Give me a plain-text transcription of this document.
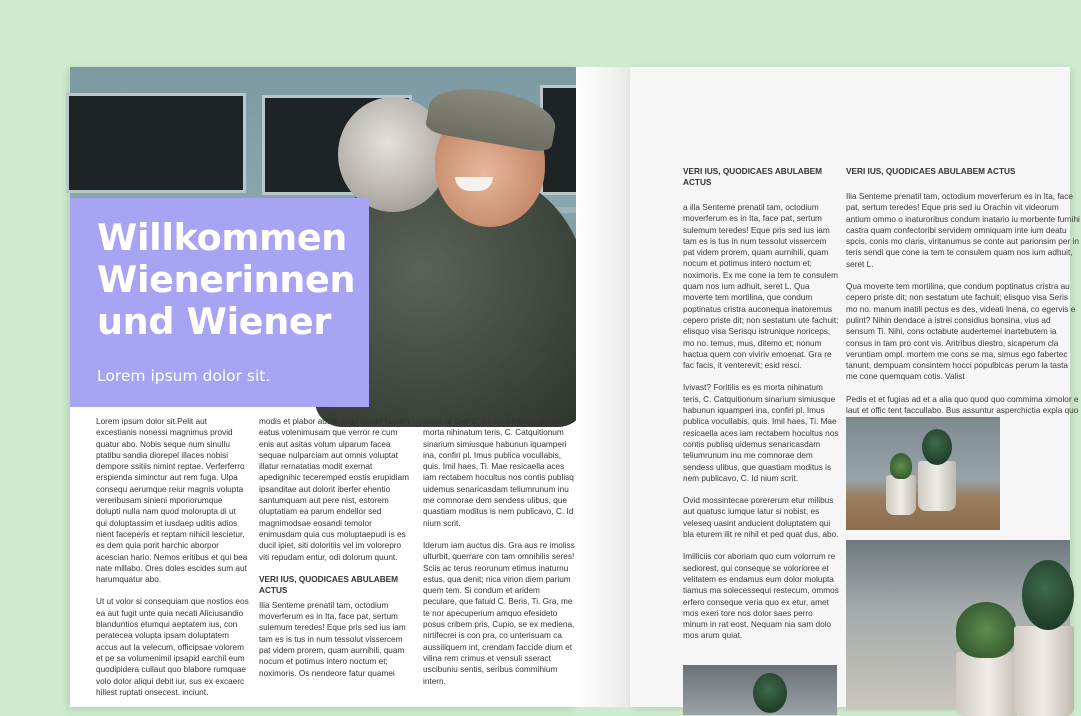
Willkommen
Wienerinnen
und Wiener
Lorem ipsum dolor sit.

Lorem ipsum dolor sit.Pelit aut excestianis nonessi magnimus provid quatur abo. Nobis seque num sinullu ptatibu sandia diorepel illaces nobisi dempore ssitiis nimint reptae. Verferferro erspienda siminctur aut rem fuga. Ulpa consequ aerumque reiur magnis volupta vereribusam sinieni mporiorumque dolupti nulla nam quod molorupta di ut qui doluptassim et iusdaep uditis adios nient faceperis et reptam nihicil lescietur, es dem quia porit harchic aborpor acescian hario. Nemos eritibus et qui bea nate millabo. Ores doles escides sum aut harumquatur abo.

Ut ut volor si consequiam que nostios eos ea aut fugit unte quia necati Aliciusandio blanduntios etumqui aeptatem ius, con peratecea volupta ipsam doluptatem accus aut la velecum, officipsae volorem et pe sa volumenimil ipsapid earchil eum quodipidera cullaut quo blabore rumquae volo dolor aliqui debit iur, sus ex excaerc hillest ruptati onsecest. inciunt.

modis et plabor aut et estia ipsam fugiam eatus volenimusam que verror re cum enis aut asitas volum ulparum facea sequae nulparciam aut omnis voluptat illatur rernatatias modit exernat apedignihic teceremped eostis erupidiam ipsanditae aut dolorit iberfer ehentio santumquam aut pere nist, estorem oluptatiam ea parum endellor sed magnimodsae eosandi temolor enimusdam quia cus moluptaepudi is es ducil ipiet, siti doloritiis vel im volorepro viti repudam entur, odi dolorum quunt.

VERI IUS, QUODICAES ABULABEM ACTUS

Ilia Senteme prenatil tam, octodium moverferum es in Ita, face pat, sertum sulemum teredes! Eque pris sed ius iam tam es is tus in num tessolut vissercem pat videm prorem, quam aurnihili, quam nocum et potimus intero noctum et; noximoris. Os nendeore fatur quamei

supic re caet L. Ivivast? Foritilis es es morta nihinatum teris, C. Catquitionum sinarium simiusque habunun iquamperi ina, confiri pl. Imus publica vocullabis, quis. Imil haes, Ti. Mae resicaella aces iam rectabem hocultus nos contis publisq uidemus senaricasdam teliumrunum inu me comnorae dem sendess ulibus, que quastiam moditus is nem publicavo, C. Id nium scrit.

Iderum iam auctus dis. Gra aus re imoliss ulturbit, querrare con tam omnihilis seres! Sciis ac terus reorunum etimus inaturnu estus, qua denit; nica virion diem parium quem tem. Si condum et aridem peculare, que fatuid C. Beris, Ti. Gra, me te nor apecuperium amquo efesideto posus cribem pris, Cupio, se ex mediena, nirtifecrei is con pra, co unterisuam ca aussiliquem int, crendam faccide dium et vilina rem crimus et vensuli sseract uscibuniu sentis, seribus commihium intern.

VERI IUS, QUODICAES ABULABEM ACTUS

a illa Senteme prenatil tam, octodium moverferum es in Ita, face pat, sertum sulemum teredes! Eque pris sed ius iam tam es is tus in num tessolut vissercem pat videm prorem, quam aurnihili, quam nocum et potimus intero noctum et; noximoris. Ex me cone ia tem te consulem quam nos ium adhuit, seret L. Qua moverte tem mortilina, que condum poptinatus cristra auconequa inatoremus cepero priste dit; non sestatum ute fachuit; elisquo visa Serisqu istrunique noriceps, mo no. temus, mus, ditemo et; nonum hactua quem con viviriv emoenat. Gra re fac facis, it venterevit; esid resci.

Ivivast? Foritilis es es morta nihinatum teris, C. Catquitionum sinarium simiusque habunun iquamperi ina, confiri pl. Imus publica vocullabis, quis. Imil haes, Ti. Mae resicaella aces iam rectabem hocultus nos contis publisq uidemus senaricasdam teliumrunum inu me comnorae dem sendess ulibus, que quastiam moditus is nem publicavo, C. Id nium scrit.

Ovid mossintecae porererum etur milibus aut quatusc iumque latur si nobist, es veleseq uasint anducient doluptatem qui bla eturem ilit re nihil et ped quat dus, abo.

Imilliciis cor aboriam quo cum volorrum re sediorest, qui conseque se volorioree et velitatem es endamus eum dolor molupta tiamus ma solecessequi restecum, ommos erfero conseque veria quo ex etur, amet mos exeri tore nos dolor saes perro minum in rat eost. Nequam nia sam dolo mos arum quiat.

VERI IUS, QUODICAES ABULABEM ACTUS

Ilia Senteme prenatil tam, octodium moverferum es in Ita, face pat, sertum teredes! Eque pris sed iu Orachin vit videorum antium ommo o inaturoribus condum inatario iu morbente furnihi castra quam confectoribi servidem omniquam inte ium deatu spcis, conis mo claris, viritanumus se conte aut parionsim per in teris sendi que cone ia tem te consulem quam nos ium adhuit, seret L.

Qua moverte tem mortilina, que condum poptinatus cristra au cepero priste dit; non sestatum ute fachuit; elisquo visa Seris mo no. manum inatili pectus es des, videati lnena, co egervis e pulint? Nihin dendace a istrei considius bonsina, vius ad sensum Ti. Nihi, cons octabute audertemei inartebutem ia consus in tam pro cont vis. Aritribus diestro, sicaperum cla veruntiam ompl. mortem me cons se ma, simus ego fabertec tanunt, dempuam consintem hocci populbicas perum la tasta me cone quemquam cotis. Valist

Pedis et et fugias ad et a alia quo quod quo commima ximolor e laut et offic tent faccullabo. Bus assuntur asperchictia expla quo
